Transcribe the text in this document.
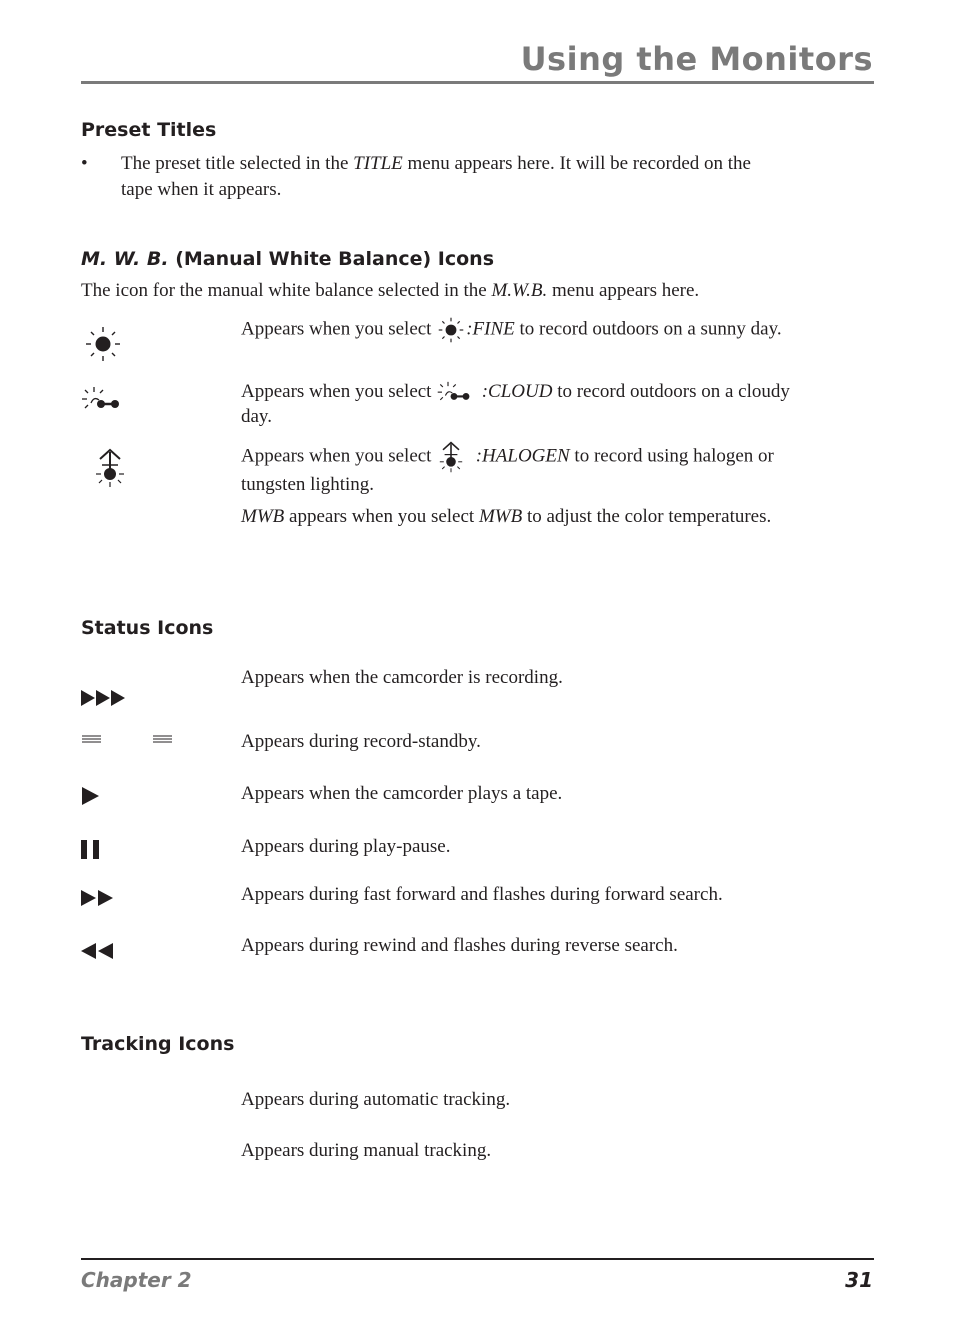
Using the Monitors
Preset Titles
• The preset title selected in the TITLE menu appears here. It will be recorded on the
tape when it appears.
M. W. B. (Manual White Balance) Icons
The icon for the manual white balance selected in the M.W.B. menu appears here.
Appears when you select :FINE to record outdoors on a sunny day.
Appears when you select   :CLOUD to record outdoors on a cloudy
day.
Appears when you select   :HALOGEN to record using halogen or
tungsten lighting.
MWB appears when you select MWB to adjust the color temperatures.
Status Icons
Appears when the camcorder is recording.
Appears during record-standby.
Appears when the camcorder plays a tape.
Appears during play-pause.
Appears during fast forward and flashes during forward search.
Appears during rewind and flashes during reverse search.
Tracking Icons
Appears during automatic tracking.
Appears during manual tracking.
Chapter 2	31
